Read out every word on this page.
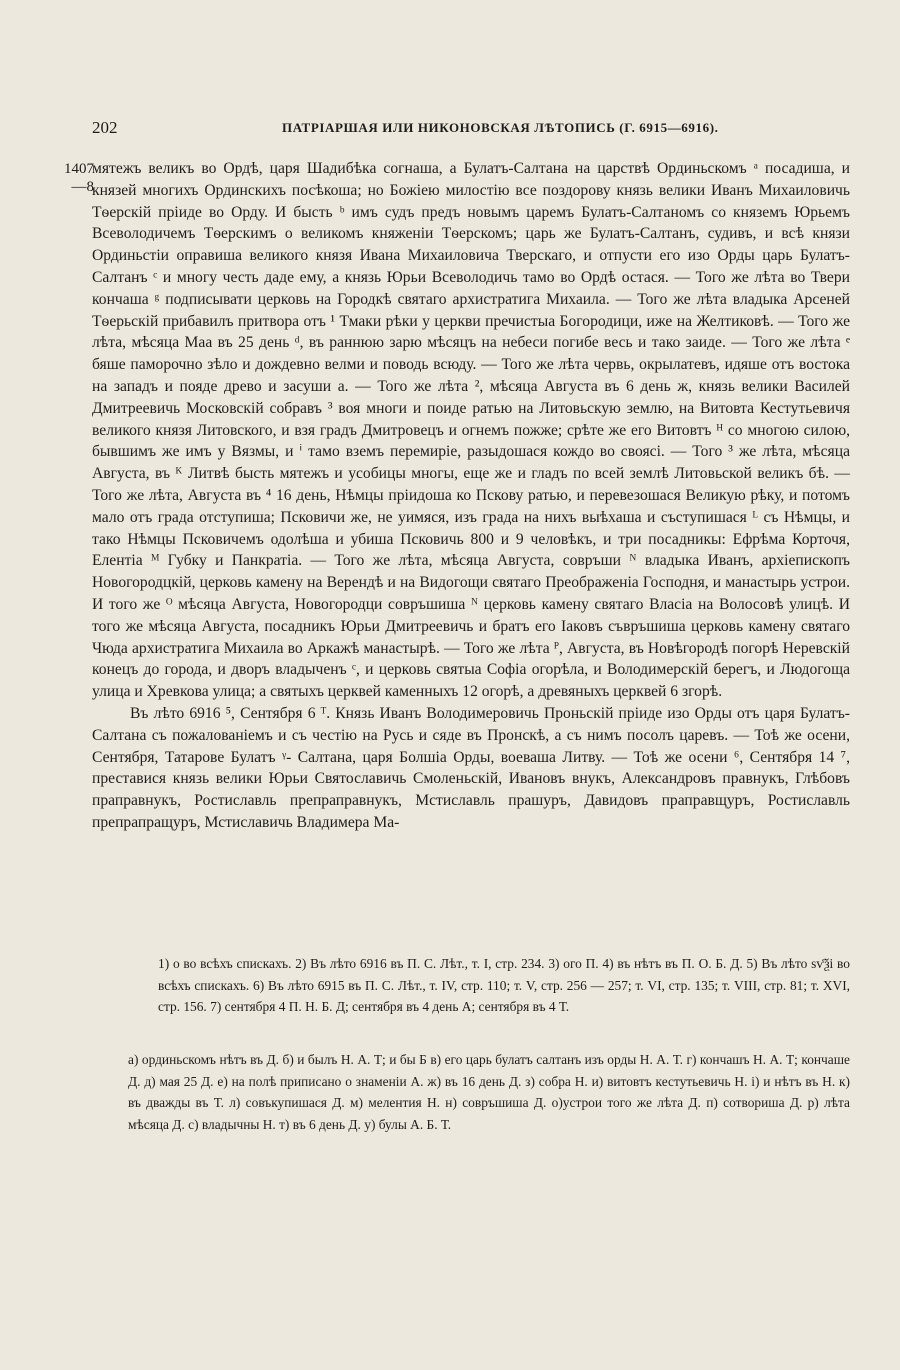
202	ПАТРІАРШАЯ ИЛИ НИКОНОВСКАЯ ЛѢТОПИСЬ (Г. 6915—6916).
1407
—8

мятежъ великъ во Ордѣ, царя Шадибѣка согнаша, а Булатъ-Салтана на царствѣ Ординьскомъ ᵃ посадиша, и князей многихъ Ординскихъ посѣкоша; но Божіею милостію все поздорову князь велики Иванъ Михаиловичь Тѳерскій пріиде во Орду. И бысть ᵇ имъ судъ предъ новымъ царемъ Булатъ-Салтаномъ со княземъ Юрьемъ Всеволодичемъ Тѳерскимъ о великомъ княженіи Тѳерскомъ; царь же Булатъ-Салтанъ, судивъ, и всѣ князи Ординьстіи оправиша великого князя Ивана Михаиловича Тверскаго, и отпусти его изо Орды царь Булатъ-Салтанъ ᶜ и многу честь даде ему, а князь Юрьи Всеволодичь тамо во Ордѣ остася. — Того же лѣта во Твери кончаша ᵍ подписывати церковь на Городкѣ святаго архистратига Михаила. — Того же лѣта владыка Арсеней Тѳерьскій прибавилъ притвора отъ ¹ Тмаки рѣки у церкви пречистыа Богородици, иже на Желтиковѣ. — Того же лѣта, мѣсяца Маа въ 25 день ᵈ, въ раннюю зарю мѣсяцъ на небеси погибе весь и тако заиде. — Того же лѣта ᵉ бяше паморочно зѣло и дождевно велми и поводь всюду. — Того же лѣта червь, окрылатевъ, идяше отъ востока на западъ и поядe древо и засуши а. — Того же лѣта ², мѣсяца Августа въ 6 день ж, князь велики Василей Дмитреевичь Московскій собравъ ³ воя многи и поиде ратью на Литовьскую землю, на Витовта Кестутьевичя великого князя Литовского, и взя градъ Дмитровецъ и огнемъ пожже; срѣте же его Витовтъ ᴴ со многою силою, бывшимъ же имъ у Вязмы, и ⁱ тамо вземъ перемиріе, разыдошася кождо во своясі. — Того ³ же лѣта, мѣсяца Августа, въ ᴷ Литвѣ бысть мятежъ и усобицы многы, еще же и гладъ по всей землѣ Литовьской великъ бѣ. — Того же лѣта, Августа въ ⁴ 16 день, Нѣмцы пріидоша ко Пскову ратью, и перевезошася Великую рѣку, и потомъ мало отъ града отступиша; Псковичи же, не уимяся, изъ града на нихъ выѣхаша и съступишася ᴸ съ Нѣмцы, и тако Нѣмцы Псковичемъ одолѣша и убиша Псковичь 800 и 9 человѣкъ, и три посадникы: Ефрѣма Корточя, Елентіа ᴹ Губку и Панкратіа. — Того же лѣта, мѣсяца Августа, совръши ᴺ владыка Иванъ, архіепископъ Новогородцкій, церковь камену на Верендѣ и на Видогощи святаго Преображеніа Господня, и манастырь устрои. И того же ᴼ мѣсяца Августа, Новогородци совръшиша ᴺ церковь камену святаго Власіа на Волосовѣ улицѣ. И того же мѣсяца Августа, посадникъ Юрьи Дмитреевичь и братъ его Іаковъ съвръшиша церковь камену святаго Чюда архистратига Михаила во Аркажѣ манастырѣ. — Того же лѣта ᴾ, Августа, въ Новѣгородѣ погорѣ Неревскій конецъ до города, и дворъ владыченъ ᶜ, и церковь святыа Софіа огорѣла, и Володимерскій берегъ, и Людогоща улица и Хревкова улица; а святыхъ церквей каменныхъ 12 огорѣ, а древяныхъ церквей 6 згорѣ.

Въ лѣто 6916 ⁵, Сентября 6 ᵀ. Князь Иванъ Володимеровичь Проньскій пріиде изо Орды отъ царя Булатъ-Салтана съ пожалованіемъ и съ честію на Русь и сяде въ Пронскѣ, а съ нимъ посолъ царевъ. — Тоѣ же осени, Сентября, Татарове Булатъ ᵞ- Салтана, царя Болшіа Орды, воеваша Литву. — Тоѣ же осени ⁶, Сентября 14 ⁷, преставися князь велики Юрьи Святославичь Смоленьскій, Ивановъ внукъ, Александровъ правнукъ, Глѣбовъ праправнукъ, Ростиславль препраправнукъ, Мстиславль прашуръ, Давидовъ праправщуръ, Ростиславль препрапращуръ, Мстиславичь Владимера Ма-

1) о во всѣхъ спискахъ. 2) Въ лѣто 6916 въ П. С. Лѣт., т. I, стр. 234. 3) ого П. 4) въ нѣтъ въ П. О. Б. Д. 5) Въ лѣто ѕѵ҃ѯі во всѣхъ спискахъ. 6) Въ лѣто 6915 въ П. С. Лѣт., т. IV, стр. 110; т. V, стр. 256 — 257; т. VI, стр. 135; т. VIII, стр. 81; т. XVI, стр. 156. 7) сентября 4 П. Н. Б. Д; сентября въ 4 день А; сентября въ 4 Т.

а) ординьскомъ нѣтъ въ Д. б) и былъ Н. А. Т; и бы Б в) его царь булатъ салтанъ изъ орды Н. А. Т. г) кончашъ Н. А. Т; кончаше Д. д) мая 25 Д. е) на полѣ приписано о знаменіи А. ж) въ 16 день Д. з) собра Н. и) витовтъ кестутьевичь Н. і) и нѣтъ въ Н. к) въ дважды въ Т. л) совъкупишася Д. м) мелентия Н. н) совръшиша Д. о)устрои того же лѣта Д. п) сотвориша Д. р) лѣта мѣсяца Д. с) владычны Н. т) въ 6 день Д. у) булы А. Б. Т.
